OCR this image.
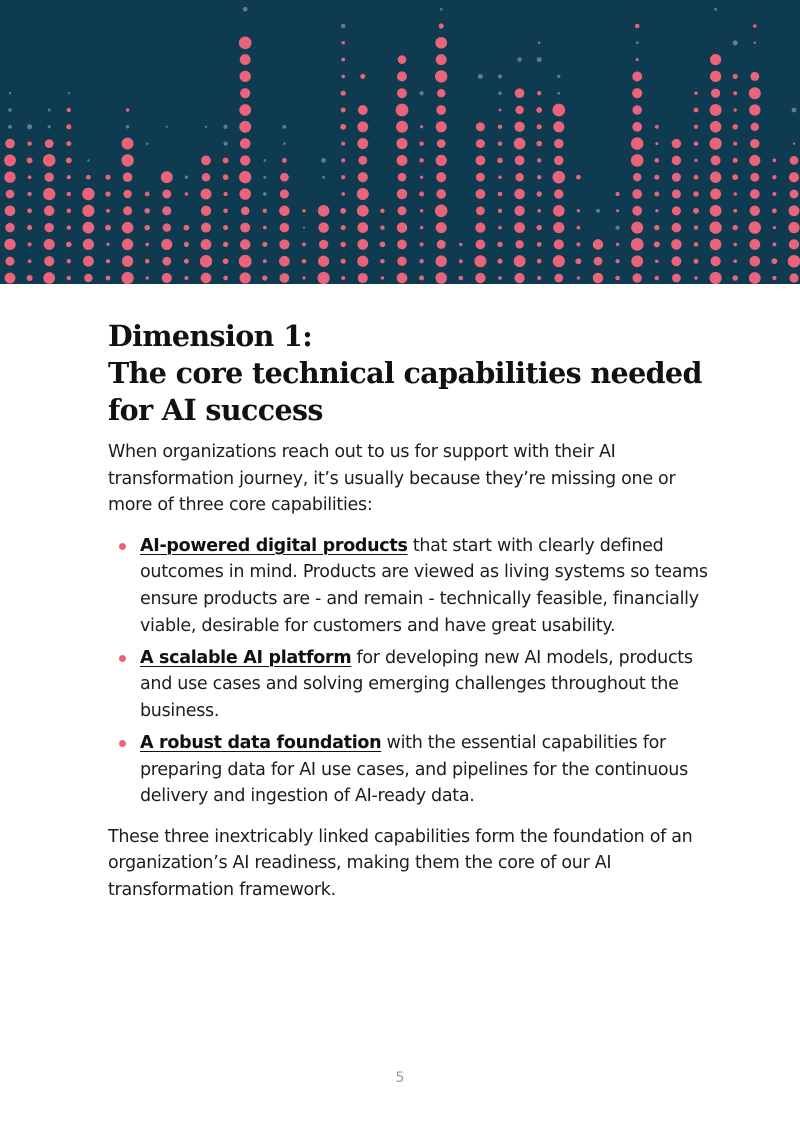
Dimension 1:
The core technical capabilities needed
for AI success

When organizations reach out to us for support with their AI transformation journey, it’s usually because they’re missing one or more of three core capabilities:

AI-powered digital products that start with clearly defined outcomes in mind. Products are viewed as living systems so teams ensure products are - and remain - technically feasible, financially viable, desirable for customers and have great usability.
A scalable AI platform for developing new AI models, products and use cases and solving emerging challenges throughout the business.
A robust data foundation with the essential capabilities for preparing data for AI use cases, and pipelines for the continuous delivery and ingestion of AI-ready data.

These three inextricably linked capabilities form the foundation of an organization’s AI readiness, making them the core of our AI transformation framework.

5
